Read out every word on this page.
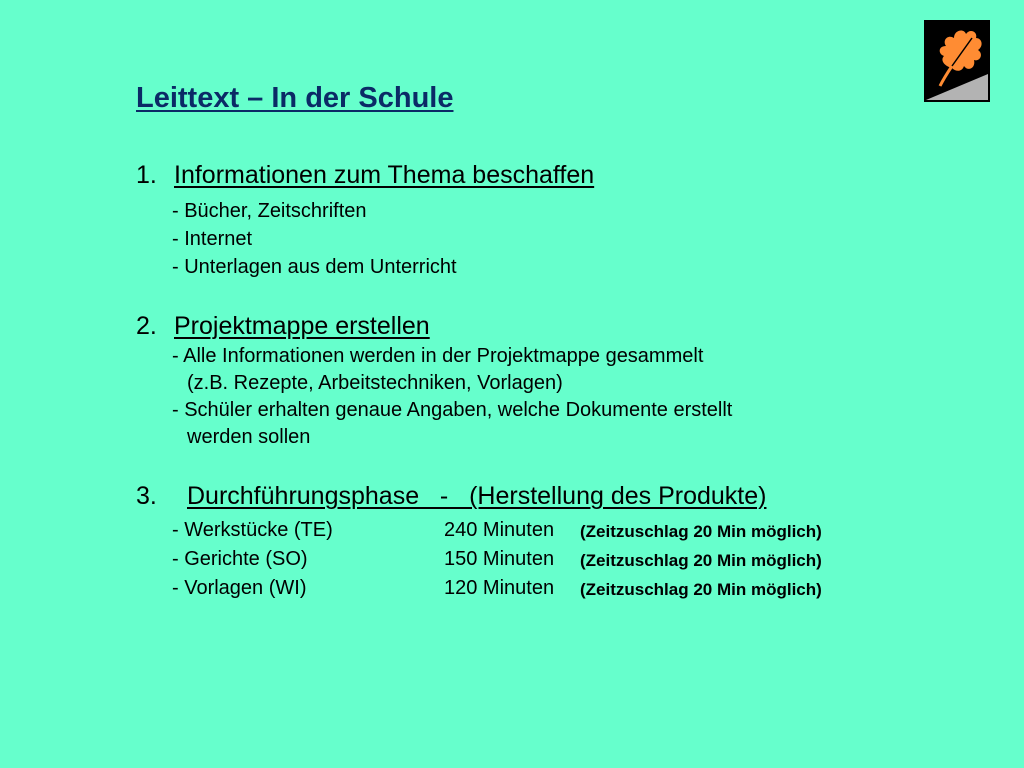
Leittext – In der Schule
1. Informationen zum Thema beschaffen
- Bücher, Zeitschriften
- Internet
- Unterlagen aus dem Unterricht
2. Projektmappe erstellen
- Alle Informationen werden in der Projektmappe gesammelt
(z.B. Rezepte, Arbeitstechniken, Vorlagen)
- Schüler erhalten genaue Angaben, welche Dokumente erstellt
werden sollen
3. Durchführungsphase   -   (Herstellung des Produkte)
- Werkstücke (TE)	240 Minuten (Zeitzuschlag 20 Min möglich)
- Gerichte (SO)	150 Minuten (Zeitzuschlag 20 Min möglich)
- Vorlagen (WI)	120 Minuten (Zeitzuschlag 20 Min möglich)
